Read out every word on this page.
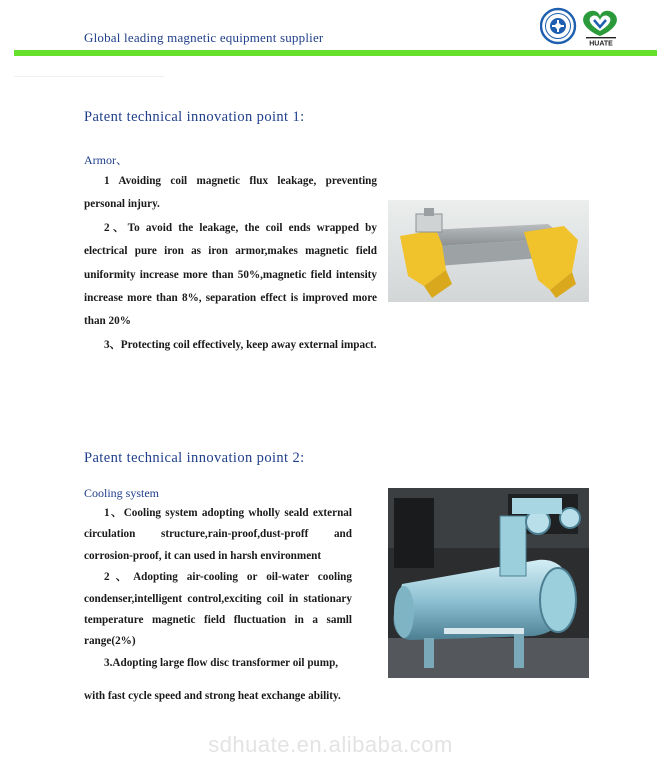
Global leading magnetic equipment supplier	HUATE
Patent technical innovation point 1:
Armor、

1 Avoiding coil magnetic flux leakage, preventing personal injury.

2、To avoid the leakage, the coil ends wrapped by electrical pure iron as iron armor,makes magnetic field uniformity increase more than 50%,magnetic field intensity increase more than 8%, separation effect is improved more than 20%

3、Protecting coil effectively, keep away external impact.

Patent technical innovation point 2:
Cooling system

1、Cooling system adopting wholly seald external circulation structure,rain-proof,dust-proff and corrosion-proof, it can used in harsh environment

2、Adopting air-cooling or oil-water cooling condenser,intelligent control,exciting coil in stationary temperature magnetic field fluctuation in a samll range(2%)

3.Adopting large flow disc transformer oil pump,

with fast cycle speed and strong heat exchange ability.
sdhuate.en.alibaba.com
